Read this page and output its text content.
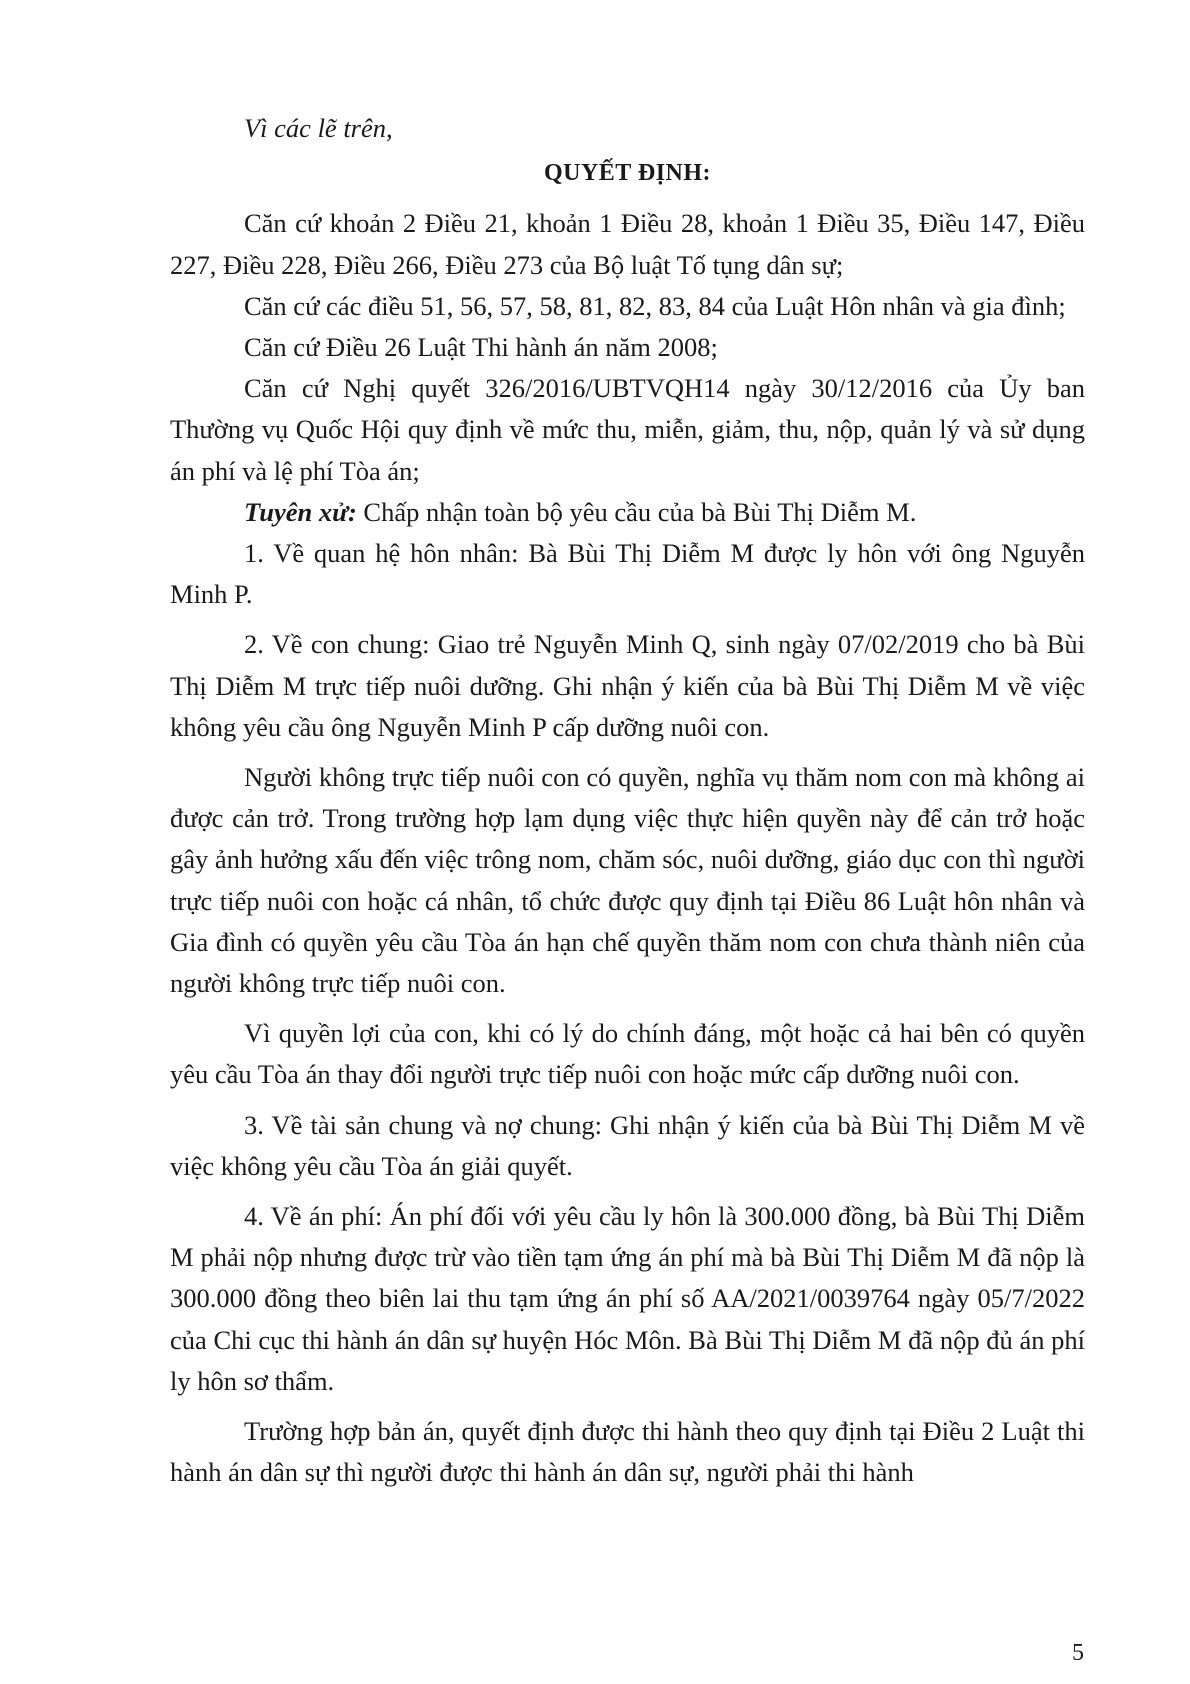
Vì các lẽ trên,

QUYẾT ĐỊNH:

Căn cứ khoản 2 Điều 21, khoản 1 Điều 28, khoản 1 Điều 35, Điều 147, Điều 227, Điều 228, Điều 266, Điều 273 của Bộ luật Tố tụng dân sự;

Căn cứ các điều 51, 56, 57, 58, 81, 82, 83, 84 của Luật Hôn nhân và gia đình;

Căn cứ Điều 26 Luật Thi hành án năm 2008;

Căn cứ Nghị quyết 326/2016/UBTVQH14 ngày 30/12/2016 của Ủy ban Thường vụ Quốc Hội quy định về mức thu, miễn, giảm, thu, nộp, quản lý và sử dụng án phí và lệ phí Tòa án;

Tuyên xử: Chấp nhận toàn bộ yêu cầu của bà Bùi Thị Diễm M.

1. Về quan hệ hôn nhân: Bà Bùi Thị Diễm M được ly hôn với ông Nguyễn Minh P.

2. Về con chung: Giao trẻ Nguyễn Minh Q, sinh ngày 07/02/2019 cho bà Bùi Thị Diễm M trực tiếp nuôi dưỡng. Ghi nhận ý kiến của bà Bùi Thị Diễm M về việc không yêu cầu ông Nguyễn Minh P cấp dưỡng nuôi con.

Người không trực tiếp nuôi con có quyền, nghĩa vụ thăm nom con mà không ai được cản trở. Trong trường hợp lạm dụng việc thực hiện quyền này để cản trở hoặc gây ảnh hưởng xấu đến việc trông nom, chăm sóc, nuôi dưỡng, giáo dục con thì người trực tiếp nuôi con hoặc cá nhân, tổ chức được quy định tại Điều 86 Luật hôn nhân và Gia đình có quyền yêu cầu Tòa án hạn chế quyền thăm nom con chưa thành niên của người không trực tiếp nuôi con.

Vì quyền lợi của con, khi có lý do chính đáng, một hoặc cả hai bên có quyền yêu cầu Tòa án thay đổi người trực tiếp nuôi con hoặc mức cấp dưỡng nuôi con.

3. Về tài sản chung và nợ chung: Ghi nhận ý kiến của bà Bùi Thị Diễm M về việc không yêu cầu Tòa án giải quyết.

4. Về án phí: Án phí đối với yêu cầu ly hôn là 300.000 đồng, bà Bùi Thị Diễm M phải nộp nhưng được trừ vào tiền tạm ứng án phí mà bà Bùi Thị Diễm M đã nộp là 300.000 đồng theo biên lai thu tạm ứng án phí số AA/2021/0039764 ngày 05/7/2022 của Chi cục thi hành án dân sự huyện Hóc Môn. Bà Bùi Thị Diễm M đã nộp đủ án phí ly hôn sơ thẩm.

Trường hợp bản án, quyết định được thi hành theo quy định tại Điều 2 Luật thi hành án dân sự thì người được thi hành án dân sự, người phải thi hành

5
